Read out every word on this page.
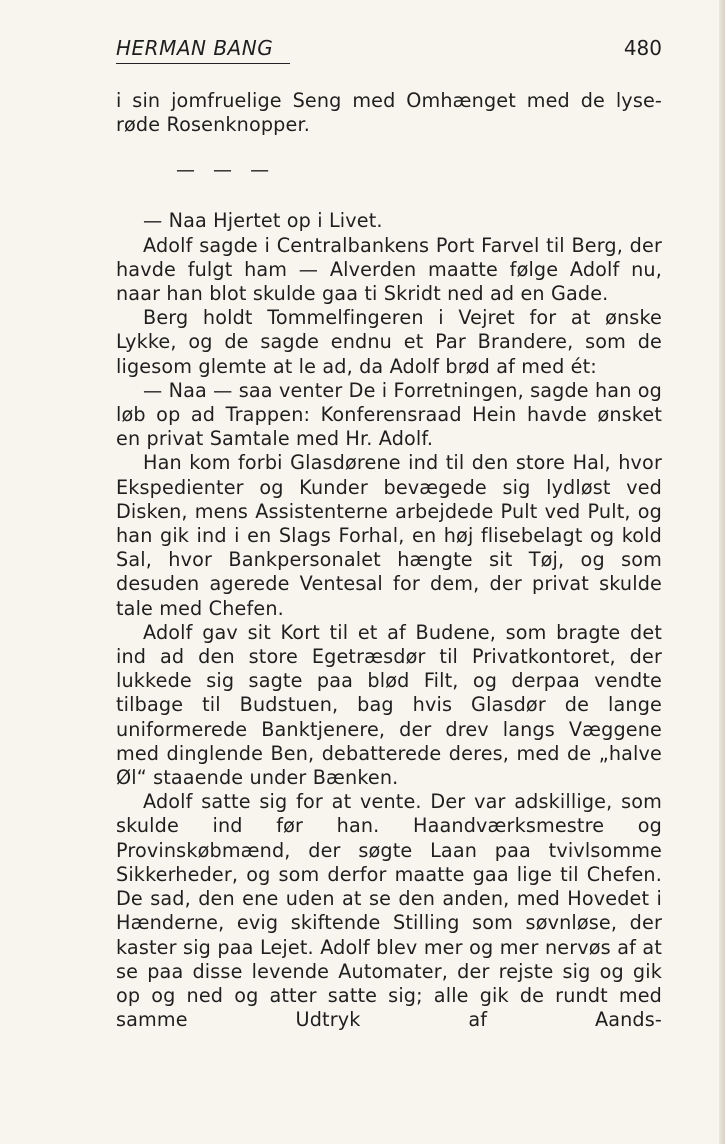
HERMAN BANG	480

i sin jomfruelige Seng med Omhænget med de lyse-røde Rosenknopper.

— — —

— Naa Hjertet op i Livet.

Adolf sagde i Centralbankens Port Farvel til Berg, der havde fulgt ham — Alverden maatte følge Adolf nu, naar han blot skulde gaa ti Skridt ned ad en Gade.

Berg holdt Tommelfingeren i Vejret for at ønske Lykke, og de sagde endnu et Par Brandere, som de ligesom glemte at le ad, da Adolf brød af med ét:

— Naa — saa venter De i Forretningen, sagde han og løb op ad Trappen: Konferensraad Hein havde ønsket en privat Samtale med Hr. Adolf.

Han kom forbi Glasdørene ind til den store Hal, hvor Ekspedienter og Kunder bevægede sig lydløst ved Disken, mens Assistenterne arbejdede Pult ved Pult, og han gik ind i en Slags Forhal, en høj flisebelagt og kold Sal, hvor Bankpersonalet hængte sit Tøj, og som desuden agerede Ventesal for dem, der privat skulde tale med Chefen.

Adolf gav sit Kort til et af Budene, som bragte det ind ad den store Egetræsdør til Privatkontoret, der lukkede sig sagte paa blød Filt, og derpaa vendte tilbage til Budstuen, bag hvis Glasdør de lange uniformerede Banktjenere, der drev langs Væggene med dinglende Ben, debatterede deres, med de „halve Øl“ staaende under Bænken.

Adolf satte sig for at vente. Der var adskillige, som skulde ind før han. Haandværksmestre og Provinskøbmænd, der søgte Laan paa tvivlsomme Sikkerheder, og som derfor maatte gaa lige til Chefen. De sad, den ene uden at se den anden, med Hovedet i Hænderne, evig skiftende Stilling som søvnløse, der kaster sig paa Lejet. Adolf blev mer og mer nervøs af at se paa disse levende Automater, der rejste sig og gik op og ned og atter satte sig; alle gik de rundt med samme Udtryk af Aands-
